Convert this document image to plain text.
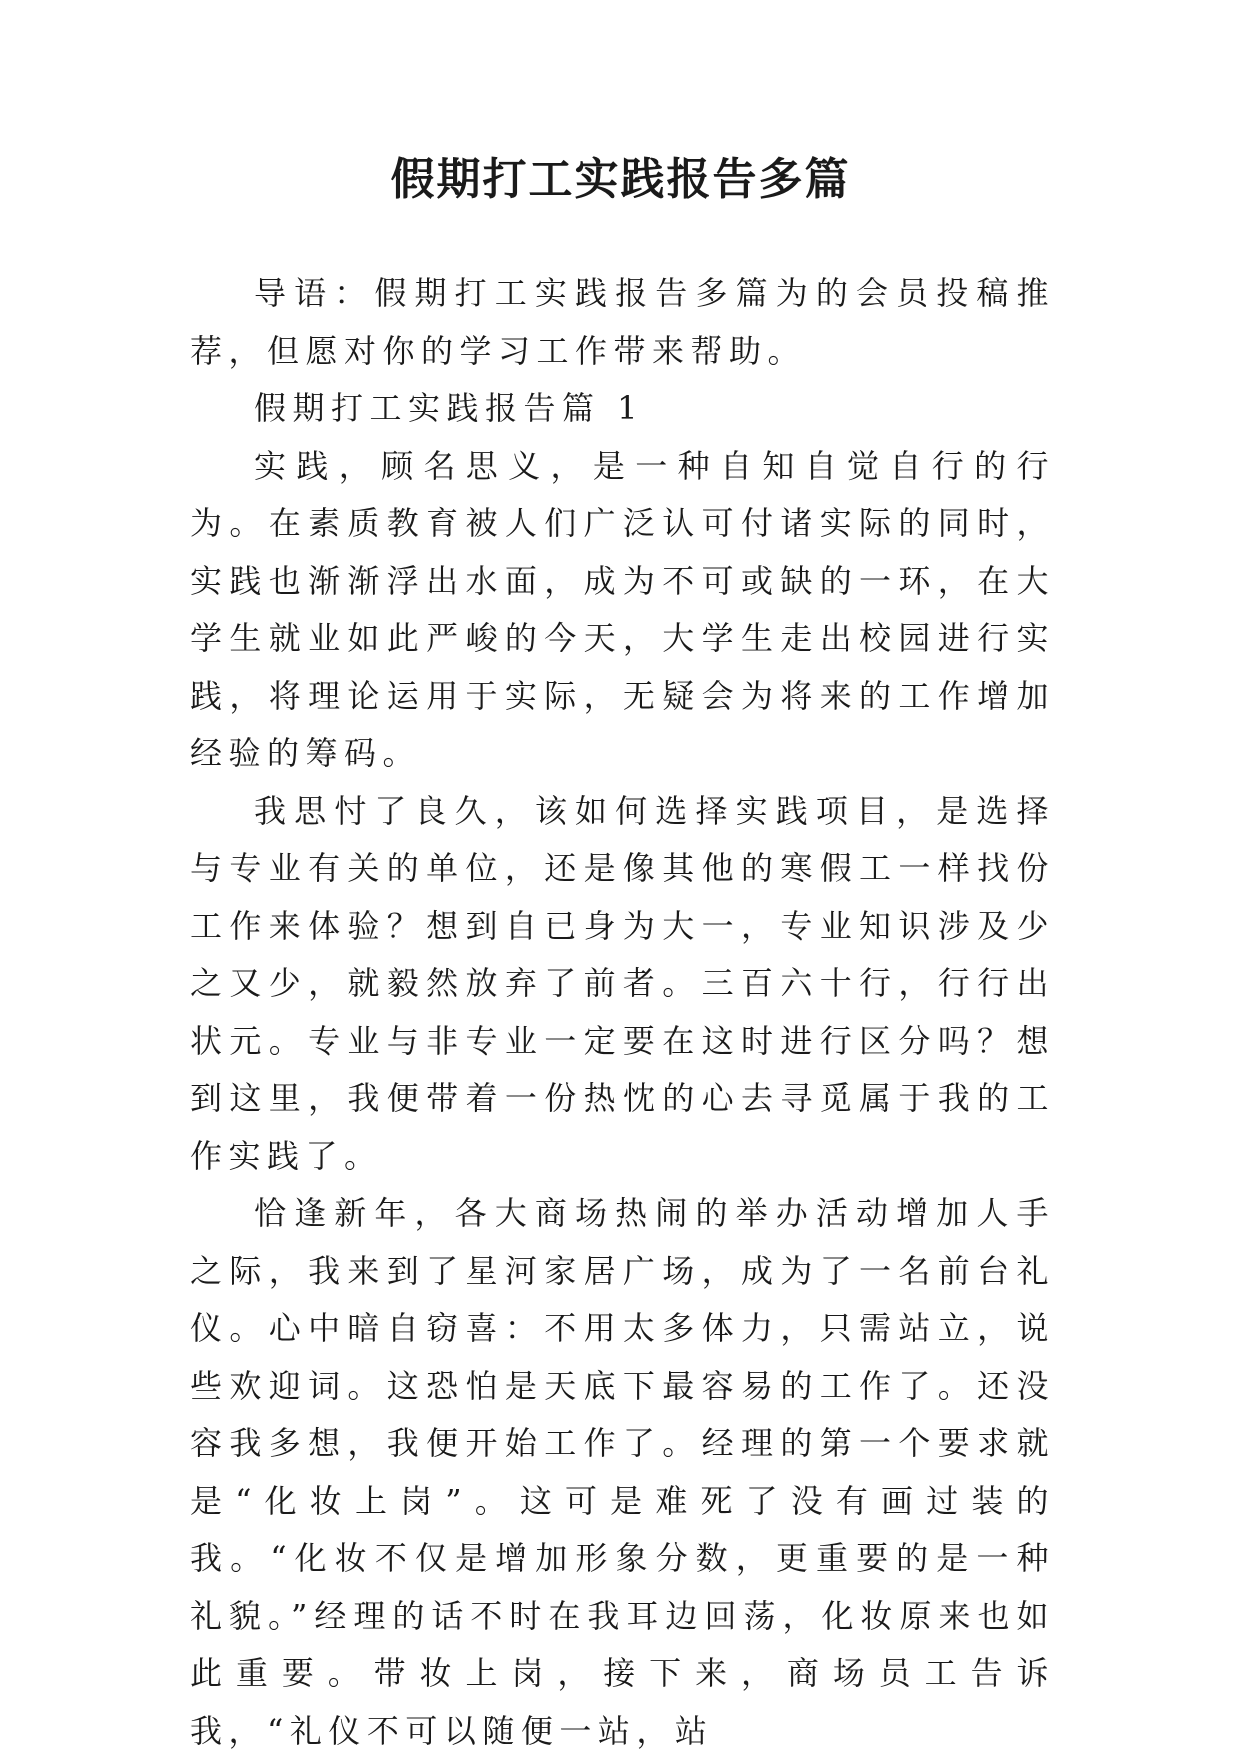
假期打工实践报告多篇

导语：假期打工实践报告多篇为的会员投稿推荐，但愿对你的学习工作带来帮助。

假期打工实践报告篇 1

实践，顾名思义，是一种自知自觉自行的行为。在素质教育被人们广泛认可付诸实际的同时，实践也渐渐浮出水面，成为不可或缺的一环，在大学生就业如此严峻的今天，大学生走出校园进行实践，将理论运用于实际，无疑会为将来的工作增加经验的筹码。

我思忖了良久，该如何选择实践项目，是选择与专业有关的单位，还是像其他的寒假工一样找份工作来体验？想到自已身为大一，专业知识涉及少之又少，就毅然放弃了前者。三百六十行，行行出状元。专业与非专业一定要在这时进行区分吗？想到这里，我便带着一份热忱的心去寻觅属于我的工作实践了。

恰逢新年，各大商场热闹的举办活动增加人手之际，我来到了星河家居广场，成为了一名前台礼仪。心中暗自窃喜：不用太多体力，只需站立，说些欢迎词。这恐怕是天底下最容易的工作了。还没容我多想，我便开始工作了。经理的第一个要求就是“化妆上岗”。这可是难死了没有画过装的我。“化妆不仅是增加形象分数，更重要的是一种礼貌。”经理的话不时在我耳边回荡，化妆原来也如此重要。带妆上岗，接下来，商场员工告诉我，“礼仪不可以随便一站，站
